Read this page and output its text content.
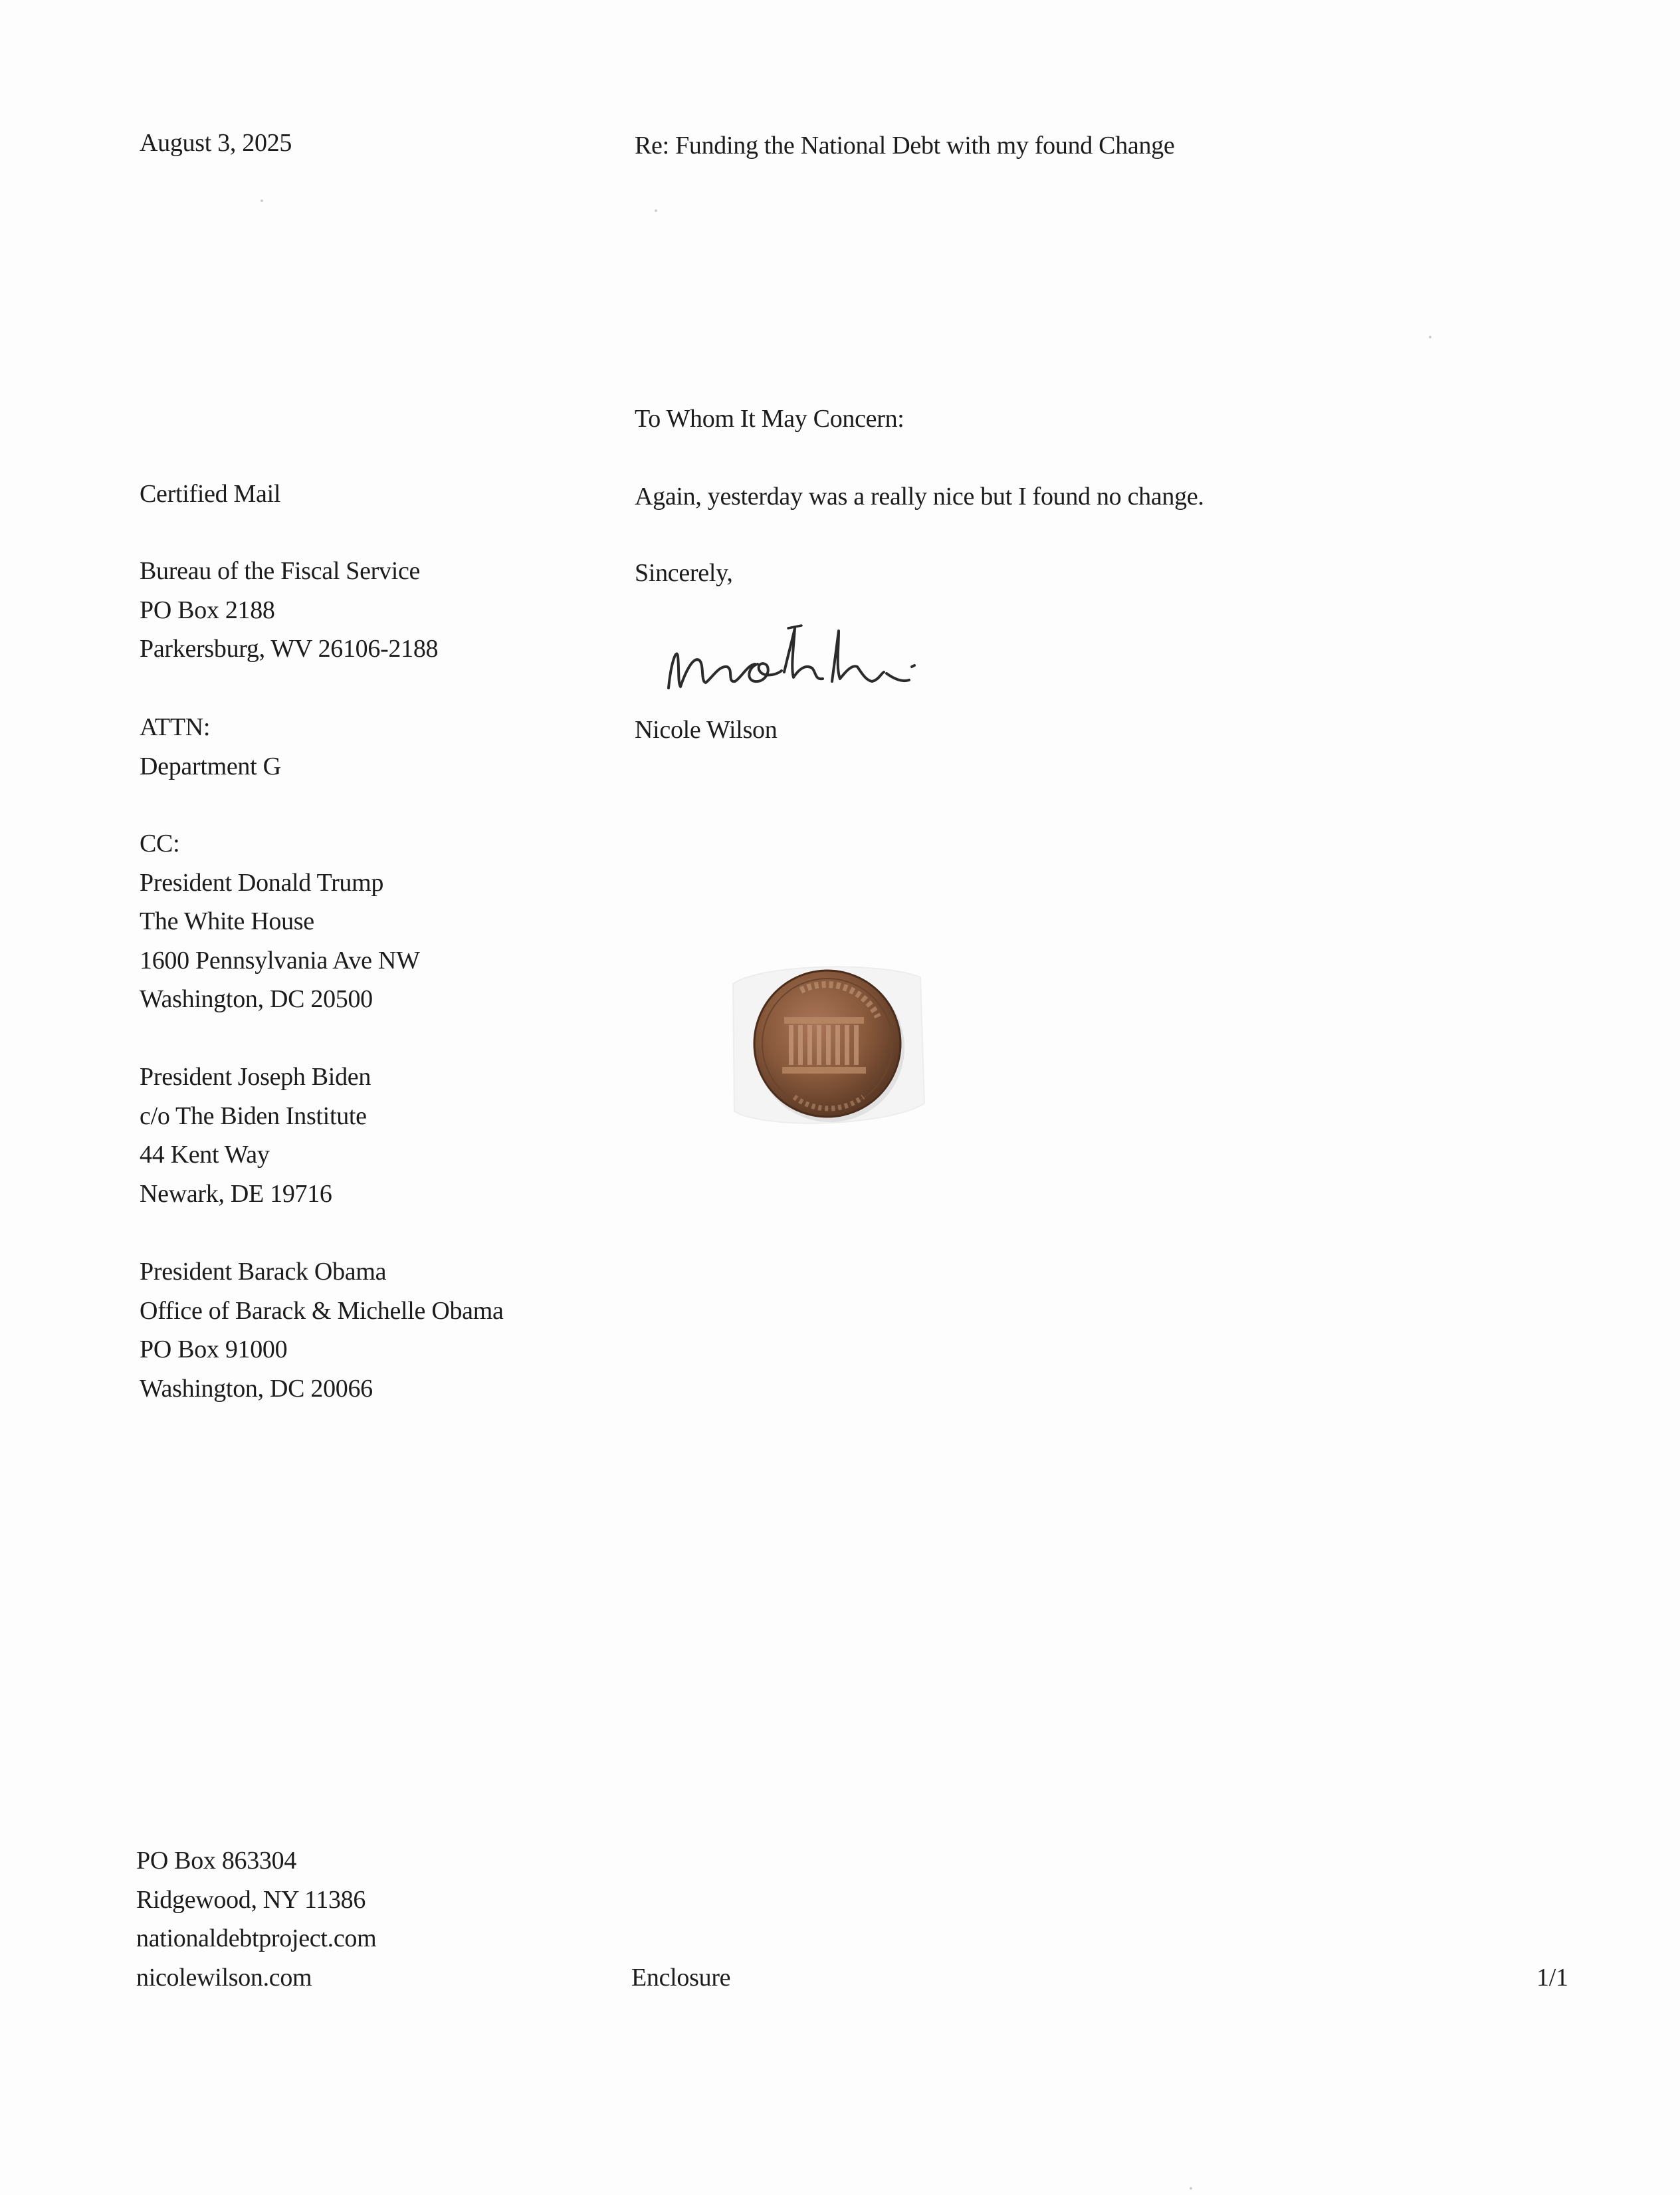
August 3, 2025	Re: Funding the National Debt with my found Change
To Whom It May Concern:
Again, yesterday was a really nice but I found no change.
Sincerely,
Nicole Wilson
Certified Mail
Bureau of the Fiscal Service
PO Box 2188
Parkersburg, WV 26106-2188
ATTN:
Department G
CC:
President Donald Trump
The White House
1600 Pennsylvania Ave NW
Washington, DC 20500
President Joseph Biden
c/o The Biden Institute
44 Kent Way
Newark, DE 19716
President Barack Obama
Office of Barack & Michelle Obama
PO Box 91000
Washington, DC 20066
PO Box 863304
Ridgewood, NY 11386
nationaldebtproject.com
nicolewilson.com	Enclosure	1/1
